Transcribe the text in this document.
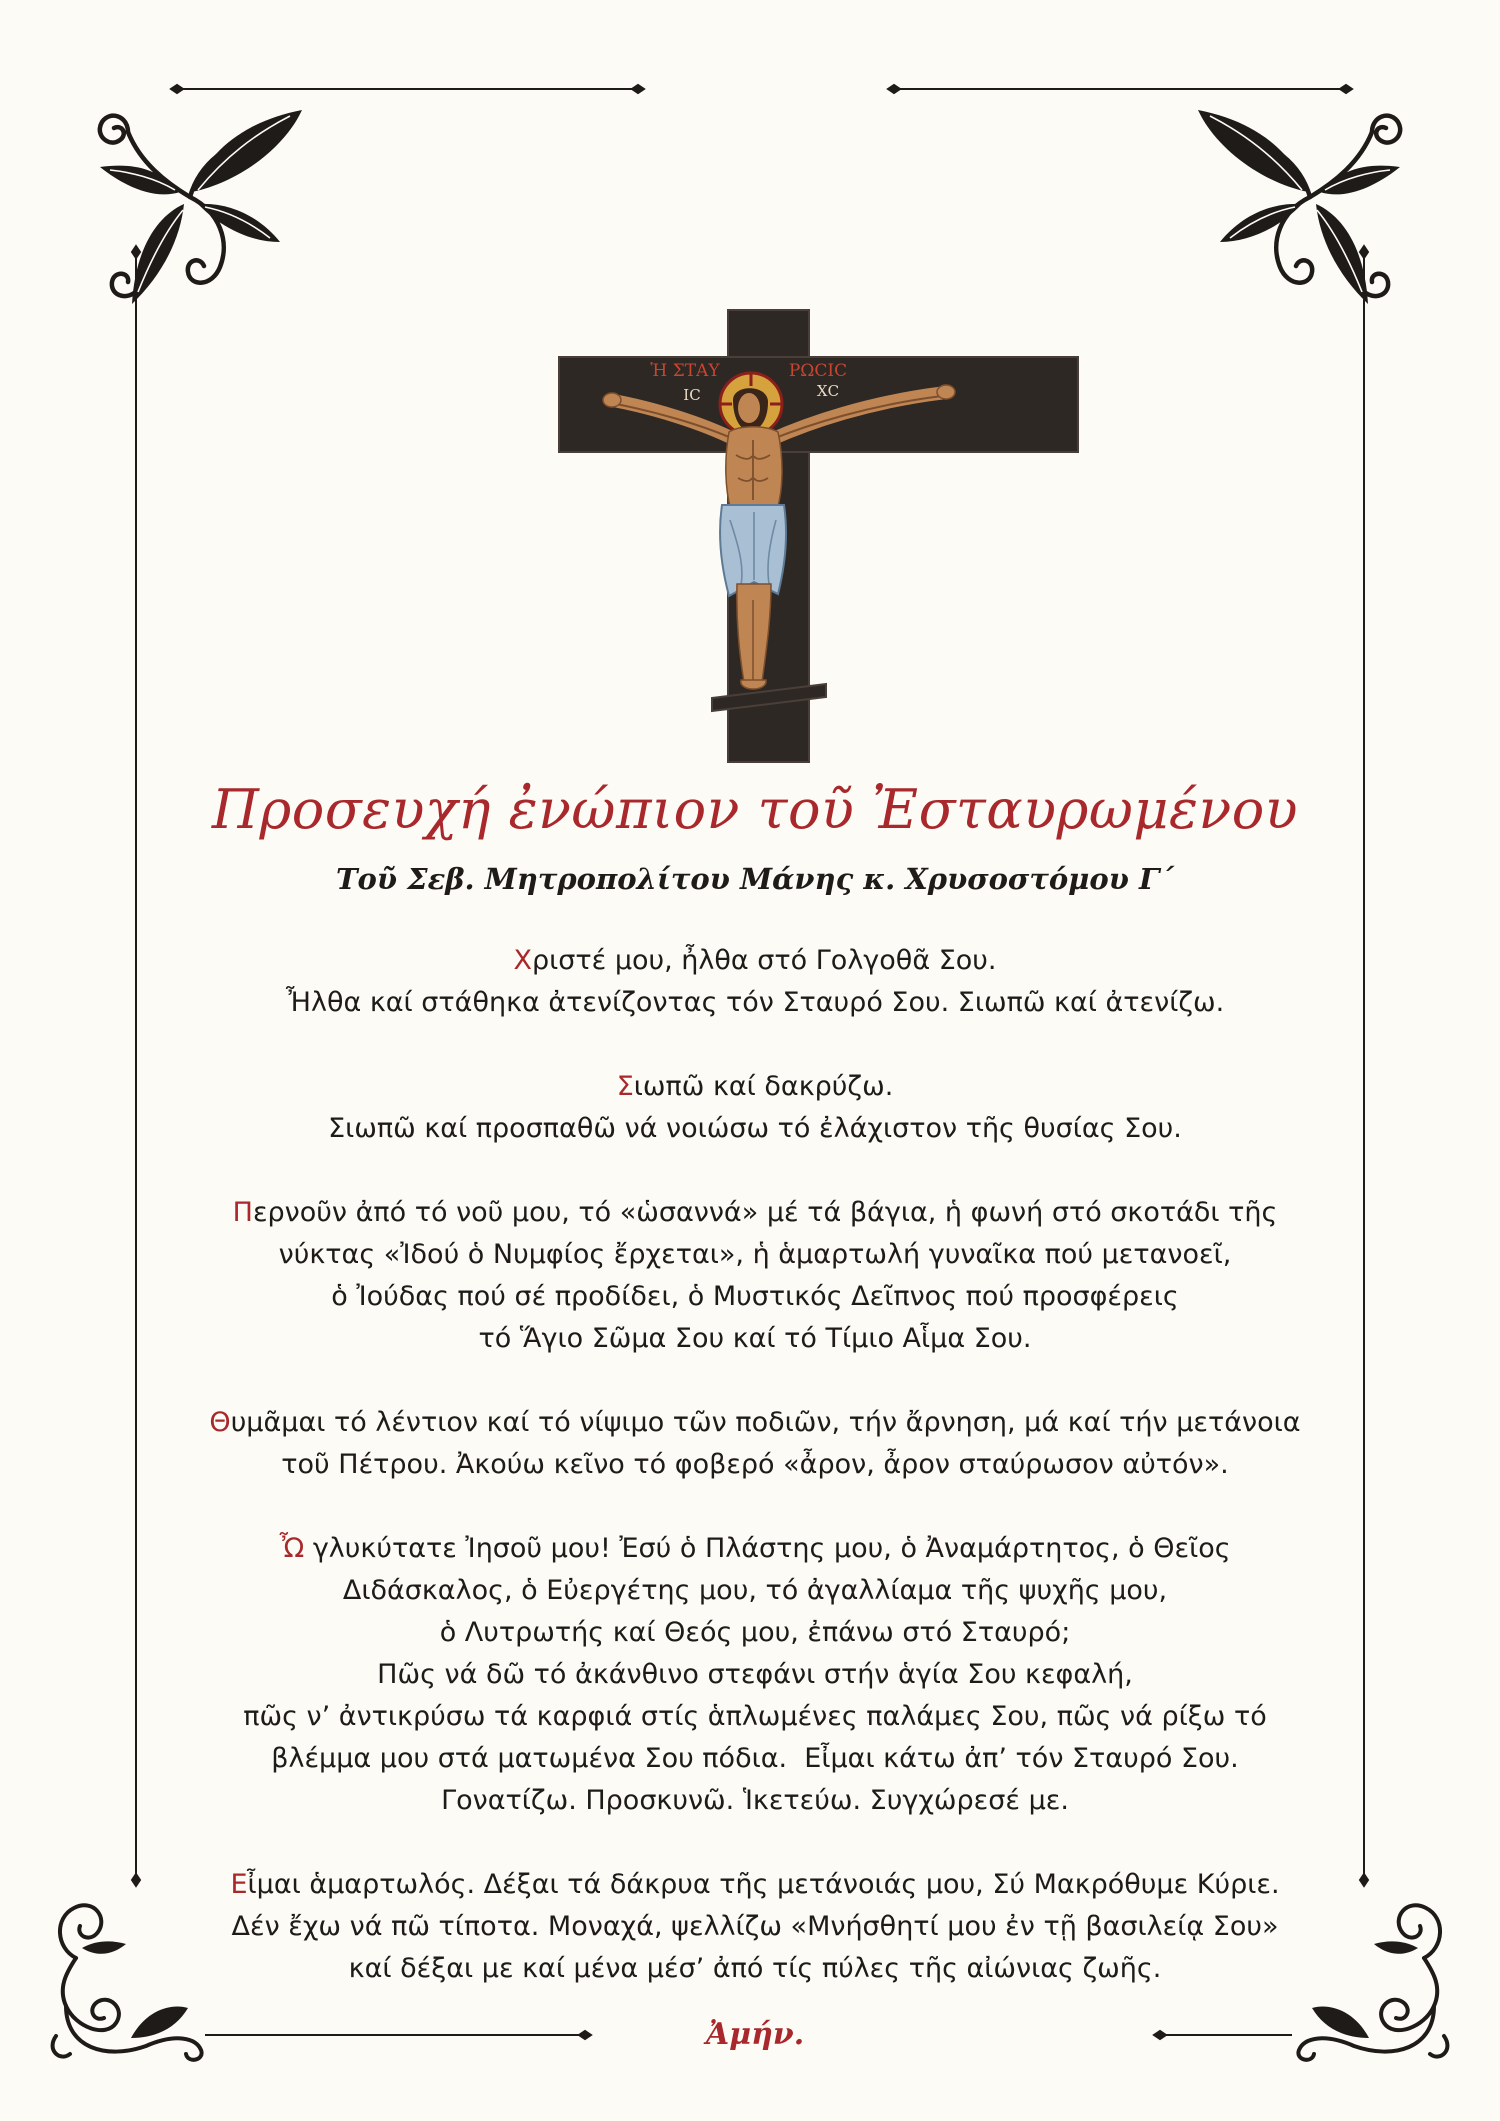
Ἡ ΣΤΑΥ	ΡΩϹΙϹ
ΙϹ	ΧϹ
Προσευχή ἐνώπιον τοῦ Ἐσταυρωμένου
Τοῦ Σεβ. Μητροπολίτου Μάνης κ. Χρυσοστόμου Γ΄
Χριστέ μου, ἦλθα στό Γολγοθᾶ Σου.
Ἦλθα καί στάθηκα ἀτενίζοντας τόν Σταυρό Σου. Σιωπῶ καί ἀτενίζω.
Σιωπῶ καί δακρύζω.
Σιωπῶ καί προσπαθῶ νά νοιώσω τό ἐλάχιστον τῆς θυσίας Σου.
Περνοῦν ἀπό τό νοῦ μου, τό «ὡσαννά» μέ τά βάγια, ἡ φωνή στό σκοτάδι τῆς
νύκτας «Ἰδού ὁ Νυμφίος ἔρχεται», ἡ ἁμαρτωλή γυναῖκα πού μετανοεῖ,
ὁ Ἰούδας πού σέ προδίδει, ὁ Μυστικός Δεῖπνος πού προσφέρεις
τό Ἅγιο Σῶμα Σου καί τό Τίμιο Αἷμα Σου.
Θυμᾶμαι τό λέντιον καί τό νίψιμο τῶν ποδιῶν, τήν ἄρνηση, μά καί τήν μετάνοια
τοῦ Πέτρου. Ἀκούω κεῖνο τό φοβερό «ἆρον, ἆρον σταύρωσον αὐτόν».
Ὦ γλυκύτατε Ἰησοῦ μου! Ἐσύ ὁ Πλάστης μου, ὁ Ἀναμάρτητος, ὁ Θεῖος
Διδάσκαλος, ὁ Εὐεργέτης μου, τό ἀγαλλίαμα τῆς ψυχῆς μου,
ὁ Λυτρωτής καί Θεός μου, ἐπάνω στό Σταυρό;
Πῶς νά δῶ τό ἀκάνθινο στεφάνι στήν ἁγία Σου κεφαλή,
πῶς ν’ ἀντικρύσω τά καρφιά στίς ἁπλωμένες παλάμες Σου, πῶς νά ρίξω τό
βλέμμα μου στά ματωμένα Σου πόδια.  Εἶμαι κάτω ἀπ’ τόν Σταυρό Σου.
Γονατίζω. Προσκυνῶ. Ἱκετεύω. Συγχώρεσέ με.
Εἶμαι ἁμαρτωλός. Δέξαι τά δάκρυα τῆς μετάνοιάς μου, Σύ Μακρόθυμε Κύριε.
Δέν ἔχω νά πῶ τίποτα. Μοναχά, ψελλίζω «Μνήσθητί μου ἐν τῇ βασιλείᾳ Σου»
καί δέξαι με καί μένα μέσ’ ἀπό τίς πύλες τῆς αἰώνιας ζωῆς.
Ἀμήν.
